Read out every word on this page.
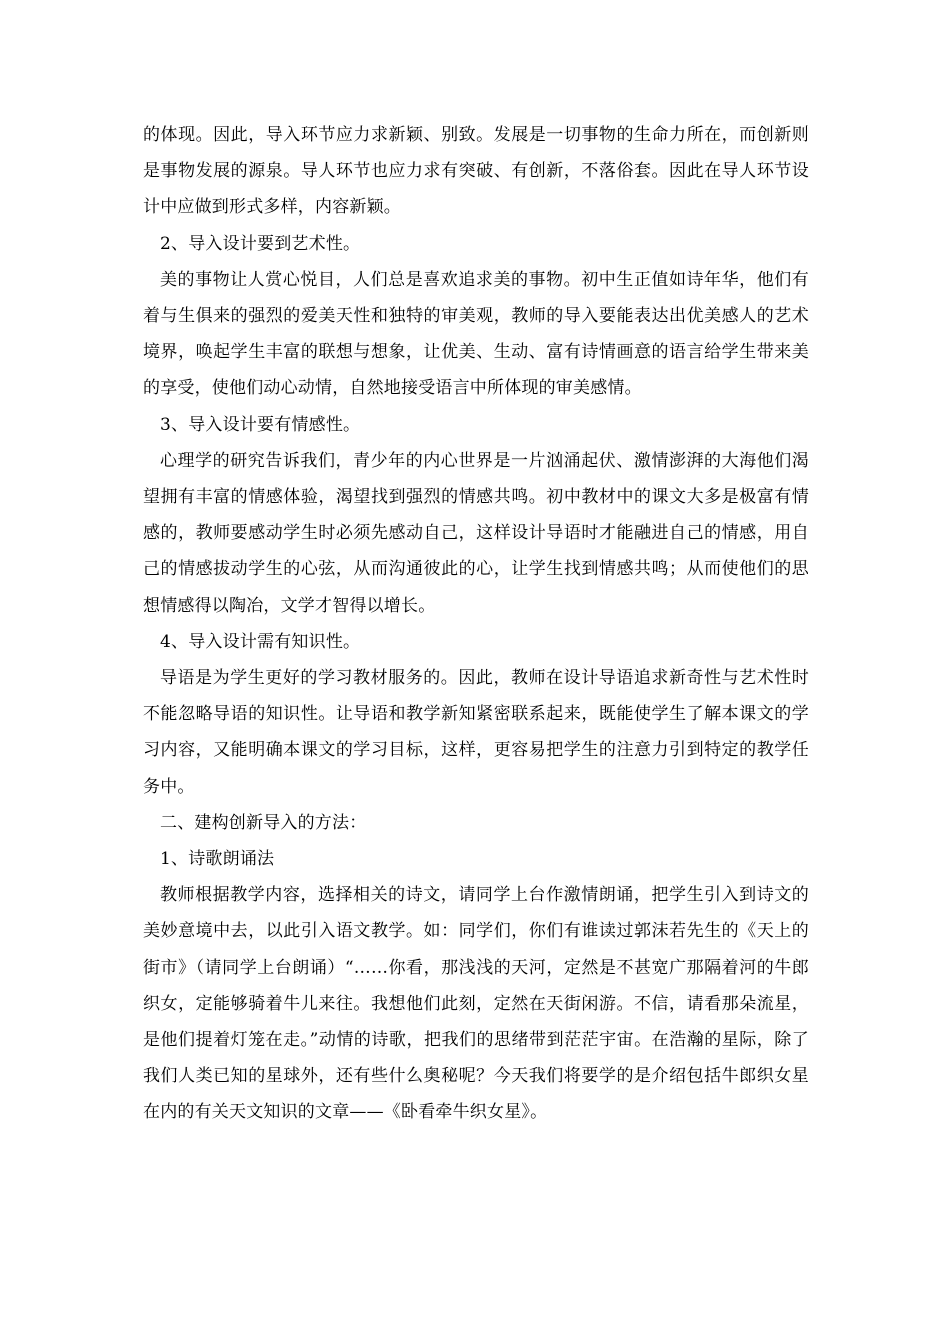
的体现。因此，导入环节应力求新颖、别致。发展是一切事物的生命力所在，而创新则是事物发展的源泉。导人环节也应力求有突破、有创新，不落俗套。因此在导人环节设计中应做到形式多样，内容新颖。

2、导入设计要到艺术性。

美的事物让人赏心悦目，人们总是喜欢追求美的事物。初中生正值如诗年华，他们有着与生俱来的强烈的爱美天性和独特的审美观，教师的导入要能表达出优美感人的艺术境界，唤起学生丰富的联想与想象，让优美、生动、富有诗情画意的语言给学生带来美的享受，使他们动心动情，自然地接受语言中所体现的审美感情。

3、导入设计要有情感性。

心理学的研究告诉我们，青少年的内心世界是一片汹涌起伏、激情澎湃的大海他们渴望拥有丰富的情感体验，渴望找到强烈的情感共鸣。初中教材中的课文大多是极富有情感的，教师要感动学生时必须先感动自己，这样设计导语时才能融进自己的情感，用自己的情感拔动学生的心弦，从而沟通彼此的心，让学生找到情感共鸣；从而使他们的思想情感得以陶冶，文学才智得以增长。

4、导入设计需有知识性。

导语是为学生更好的学习教材服务的。因此，教师在设计导语追求新奇性与艺术性时不能忽略导语的知识性。让导语和教学新知紧密联系起来，既能使学生了解本课文的学习内容，又能明确本课文的学习目标，这样，更容易把学生的注意力引到特定的教学任务中。

二、建构创新导入的方法：

1、诗歌朗诵法

教师根据教学内容，选择相关的诗文，请同学上台作激情朗诵，把学生引入到诗文的美妙意境中去，以此引入语文教学。如：同学们，你们有谁读过郭沫若先生的《天上的街市》（请同学上台朗诵）“……你看，那浅浅的天河，定然是不甚宽广那隔着河的牛郎织女，定能够骑着牛儿来往。我想他们此刻，定然在天街闲游。不信，请看那朵流星，是他们提着灯笼在走。”动情的诗歌，把我们的思绪带到茫茫宇宙。在浩瀚的星际，除了我们人类已知的星球外，还有些什么奥秘呢？今天我们将要学的是介绍包括牛郎织女星在内的有关天文知识的文章——《卧看牵牛织女星》。
